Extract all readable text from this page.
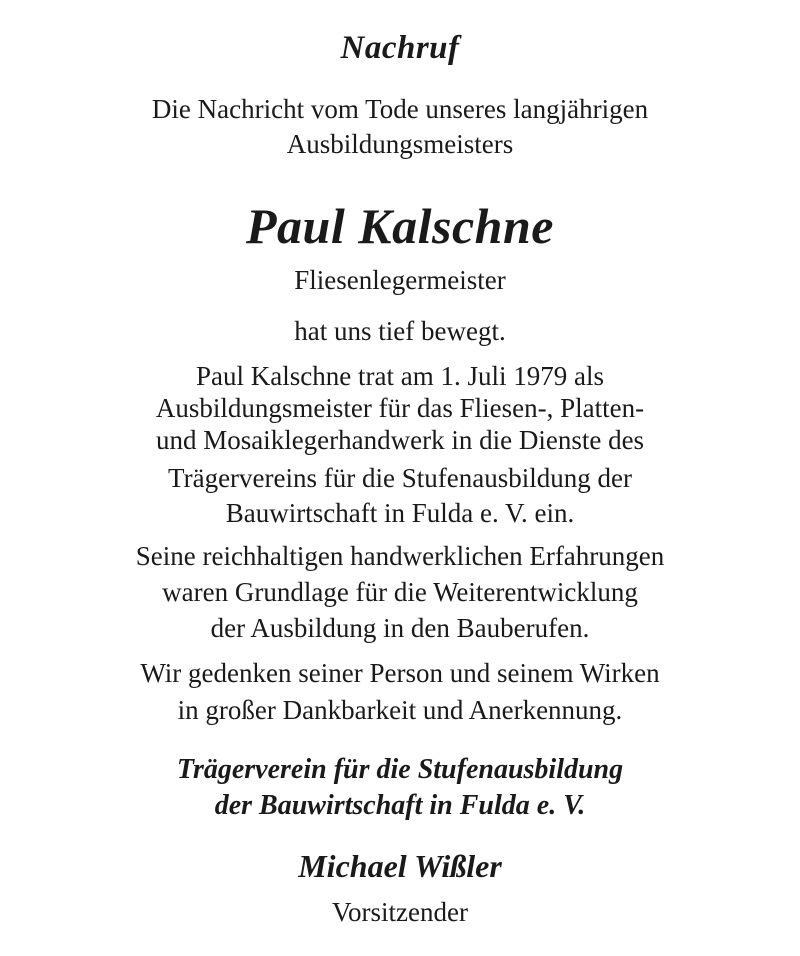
Nachruf
Die Nachricht vom Tode unseres langjährigen
Ausbildungsmeisters
Paul Kalschne
Fliesenlegermeister
hat uns tief bewegt.
Paul Kalschne trat am 1. Juli 1979 als
Ausbildungsmeister für das Fliesen-, Platten-
und Mosaiklegerhandwerk in die Dienste des
Trägervereins für die Stufenausbildung der
Bauwirtschaft in Fulda e. V. ein.
Seine reichhaltigen handwerklichen Erfahrungen
waren Grundlage für die Weiterentwicklung
der Ausbildung in den Bauberufen.
Wir gedenken seiner Person und seinem Wirken
in großer Dankbarkeit und Anerkennung.
Trägerverein für die Stufenausbildung
der Bauwirtschaft in Fulda e. V.
Michael Wißler
Vorsitzender
